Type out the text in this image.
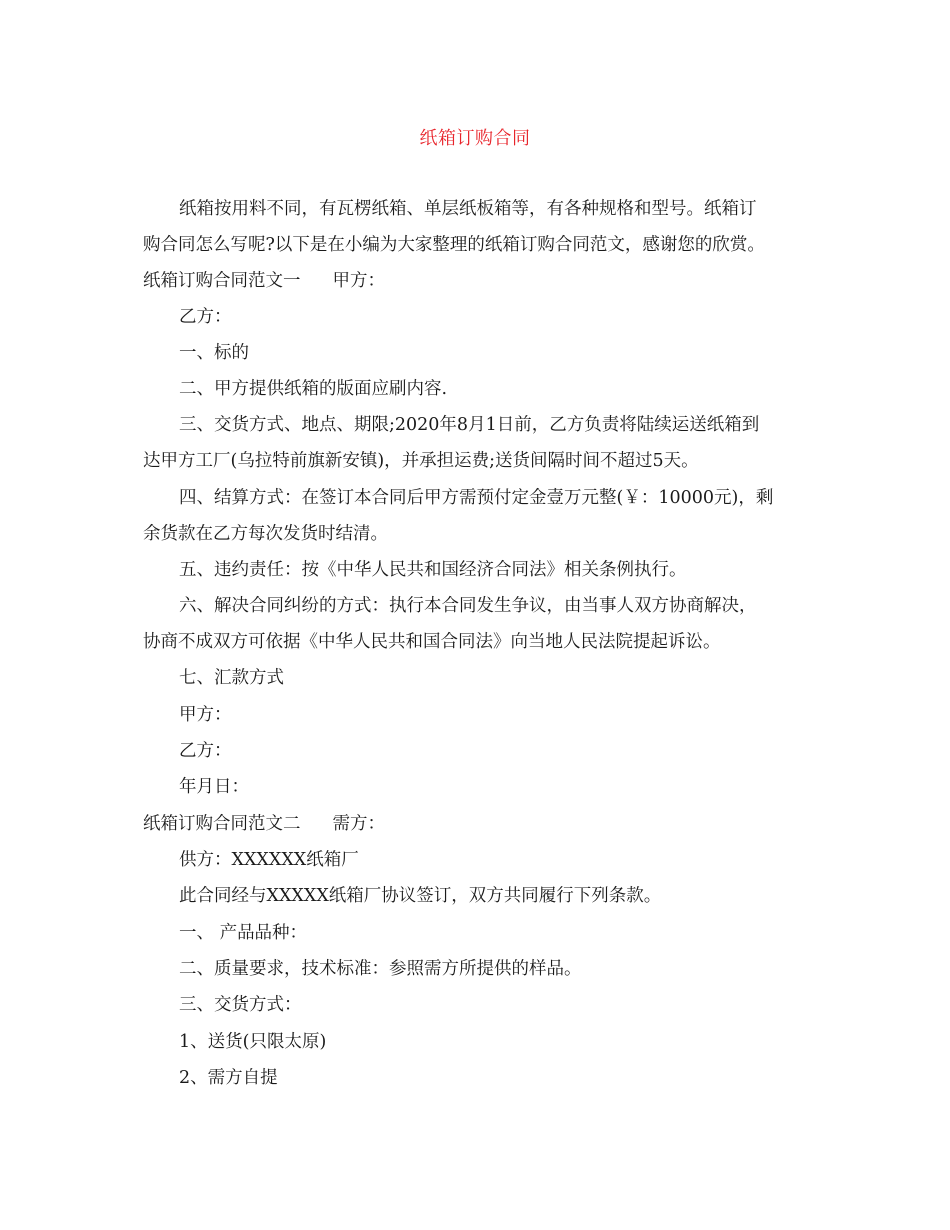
纸箱订购合同
纸箱按用料不同，有瓦楞纸箱、单层纸板箱等，有各种规格和型号。纸箱订
购合同怎么写呢?以下是在小编为大家整理的纸箱订购合同范文，感谢您的欣赏。
纸箱订购合同范文一 甲方：
乙方：
一、标的
二、甲方提供纸箱的版面应刷内容.
三、交货方式、地点、期限;2020年8月1日前，乙方负责将陆续运送纸箱到
达甲方工厂(乌拉特前旗新安镇)，并承担运费;送货间隔时间不超过5天。
四、结算方式：在签订本合同后甲方需预付定金壹万元整(￥：10000元)，剩
余货款在乙方每次发货时结清。
五、违约责任：按《中华人民共和国经济合同法》相关条例执行。
六、解决合同纠纷的方式：执行本合同发生争议，由当事人双方协商解决，
协商不成双方可依据《中华人民共和国合同法》向当地人民法院提起诉讼。
七、汇款方式
甲方：
乙方：
年月日：
纸箱订购合同范文二 需方：
供方：XXXXXX纸箱厂
此合同经与XXXXX纸箱厂协议签订，双方共同履行下列条款。
一、 产品品种：
二、质量要求，技术标准：参照需方所提供的样品。
三、交货方式：
1、送货(只限太原)
2、需方自提
